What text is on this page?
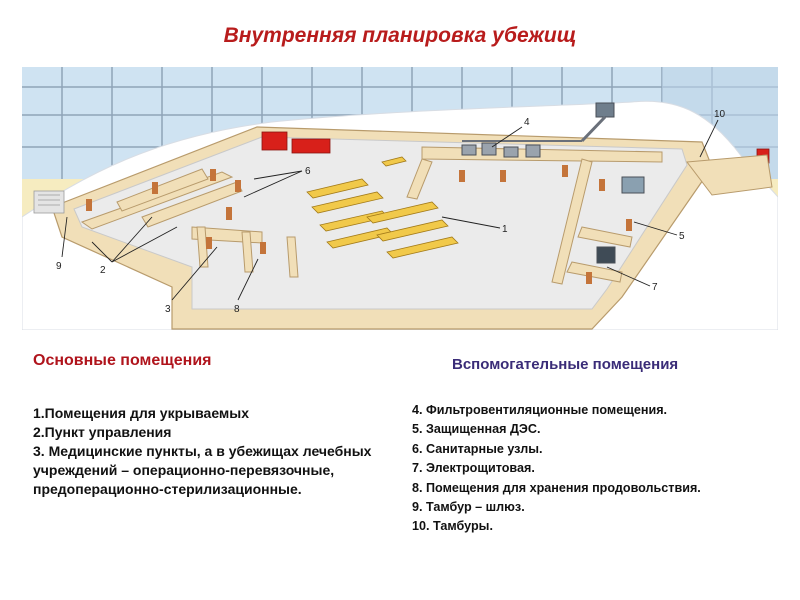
Внутренняя планировка убежищ
1
2
3
4
5
6
7
8
9
10
Основные помещения	Вспомогательные помещения
1.Помещения для укрываемых
2.Пункт управления
3. Медицинские пункты, а в убежищах лечебных учреждений – операционно-перевязочные, предоперационно-стерилизационные.
4. Фильтровентиляционные помещения.
5. Защищенная ДЭС.
6. Санитарные узлы.
7. Электрощитовая.
8. Помещения для хранения продовольствия.
9. Тамбур – шлюз.
10. Тамбуры.
